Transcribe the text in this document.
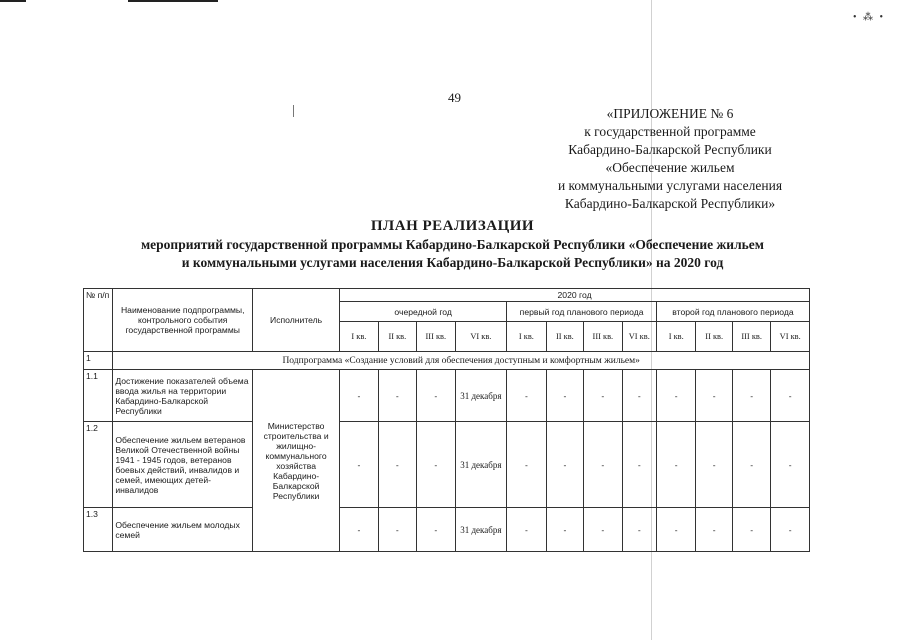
• ⁂ •
49
«ПРИЛОЖЕНИЕ № 6
к государственной программе
Кабардино-Балкарской Республики
«Обеспечение жильем
и коммунальными услугами населения
Кабардино-Балкарской Республики»
ПЛАН РЕАЛИЗАЦИИ
мероприятий государственной программы Кабардино-Балкарской Республики «Обеспечение жильем
и коммунальными услугами населения Кабардино-Балкарской Республики» на 2020 год
№ п/п	Наименование подпрограммы, контрольного события государственной программы	Исполнитель	2020 год											
			очередной год				первый год планового периода				второй год планового периода			
			I кв.	II кв.	III кв.	VI кв.	I кв.	II кв.	III кв.	VI кв.	I кв.	II кв.	III кв.	VI кв.
1	Подпрограмма «Создание условий для обеспечения доступным и комфортным жильем»													
1.1	Достижение показателей объема ввода жилья на территории Кабардино-Балкарской Республики	Министерство строительства и жилищно-коммунального хозяйства Кабардино-Балкарской Республики	-	-	-	31 декабря	-	-	-	-	-	-	-	-
1.2	Обеспечение жильем ветеранов Великой Отечественной войны 1941 - 1945 годов, ветеранов боевых действий, инвалидов и семей, имеющих детей-инвалидов		-	-	-	31 декабря	-	-	-	-	-	-	-	-
1.3	Обеспечение жильем молодых семей		-	-	-	31 декабря	-	-	-	-	-	-	-	-
